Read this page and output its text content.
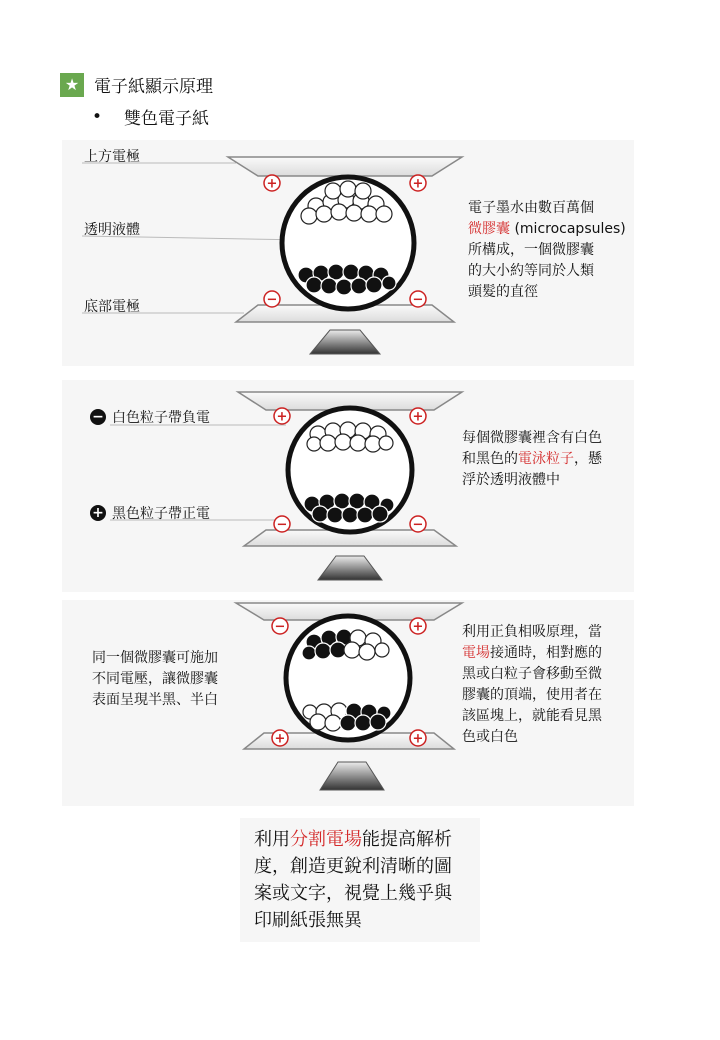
★ 電子紙顯示原理
• 雙色電子紙
+	+
−	−
+	+
−	−
−	+
+	+
上方電極
透明液體
底部電極
電子墨水由數百萬個
微膠囊 (microcapsules)
所構成，一個微膠囊
的大小約等同於人類
頭髮的直徑
− 白色粒子帶負電
+ 黑色粒子帶正電
每個微膠囊裡含有白色
和黑色的電泳粒子，懸
浮於透明液體中
同一個微膠囊可施加
不同電壓，讓微膠囊
表面呈現半黑、半白
利用正負相吸原理，當
電場接通時，相對應的
黑或白粒子會移動至微
膠囊的頂端，使用者在
該區塊上，就能看見黑
色或白色
利用分割電場能提高解析
度，創造更銳利清晰的圖
案或文字，視覺上幾乎與
印刷紙張無異
